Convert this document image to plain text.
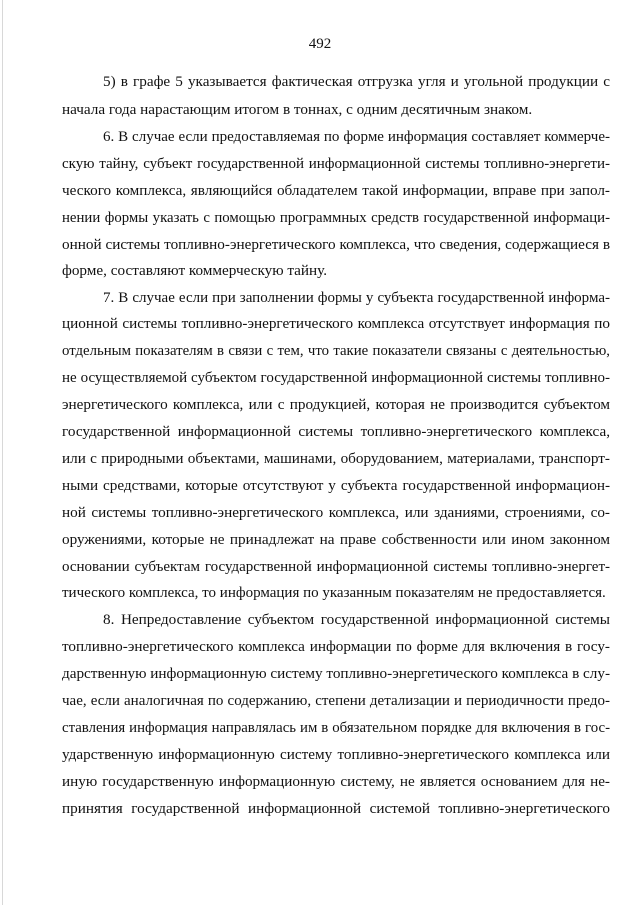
492
5) в графе 5 указывается фактическая отгрузка угля и угольной продукции с
начала года нарастающим итогом в тоннах, с одним десятичным знаком.
6. В случае если предоставляемая по форме информация составляет коммерче-
скую тайну, субъект государственной информационной системы топливно-энергети-
ческого комплекса, являющийся обладателем такой информации, вправе при запол-
нении формы указать с помощью программных средств государственной информаци-
онной системы топливно-энергетического комплекса, что сведения, содержащиеся в
форме, составляют коммерческую тайну.
7. В случае если при заполнении формы у субъекта государственной информа-
ционной системы топливно-энергетического комплекса отсутствует информация по
отдельным показателям в связи с тем, что такие показатели связаны с деятельностью,
не осуществляемой субъектом государственной информационной системы топливно-
энергетического комплекса, или с продукцией, которая не производится субъектом
государственной информационной системы топливно-энергетического комплекса,
или с природными объектами, машинами, оборудованием, материалами, транспорт-
ными средствами, которые отсутствуют у субъекта государственной информацион-
ной системы топливно-энергетического комплекса, или зданиями, строениями, со-
оружениями, которые не принадлежат на праве собственности или ином законном
основании субъектам государственной информационной системы топливно-энергет-
тического комплекса, то информация по указанным показателям не предоставляется.
8. Непредоставление субъектом государственной информационной системы
топливно-энергетического комплекса информации по форме для включения в госу-
дарственную информационную систему топливно-энергетического комплекса в слу-
чае, если аналогичная по содержанию, степени детализации и периодичности предо-
ставления информация направлялась им в обязательном порядке для включения в гос-
ударственную информационную систему топливно-энергетического комплекса или
иную государственную информационную систему, не является основанием для не-
принятия государственной информационной системой топливно-энергетического
